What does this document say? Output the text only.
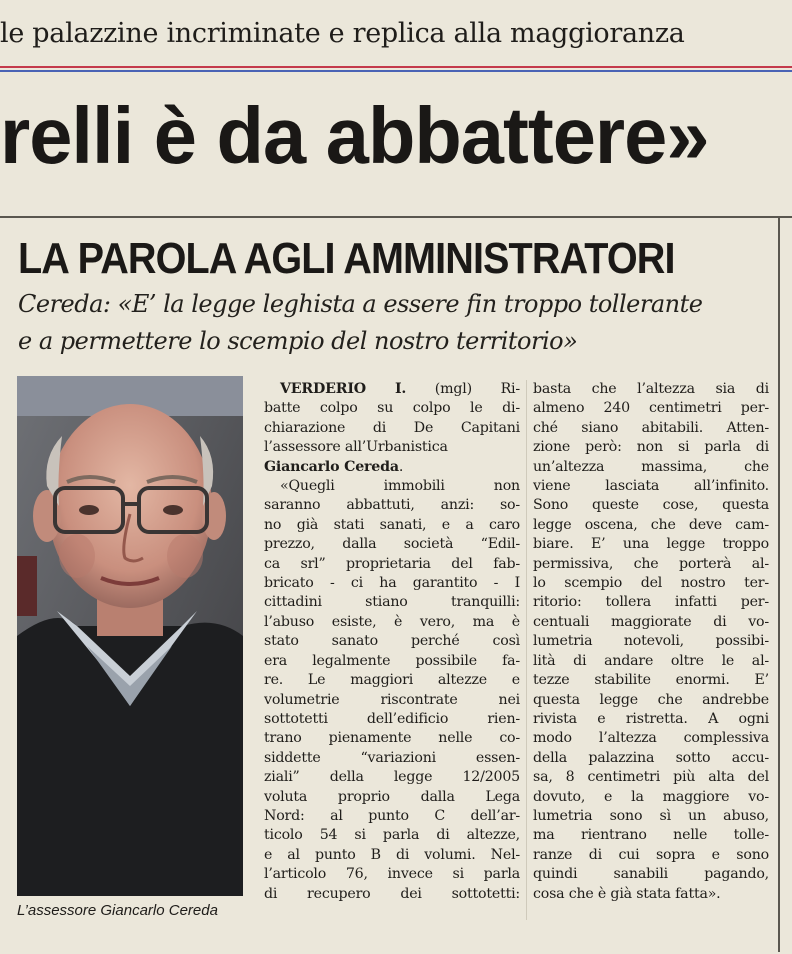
le palazzine incriminate e replica alla maggioranza
relli è da abbattere»
LA PAROLA AGLI AMMINISTRATORI
Cereda: «E’ la legge leghista a essere fin troppo tollerante
e a permettere lo scempio del nostro territorio»
L’assessore Giancarlo Cereda
VERDERIO I. (mgl) Ri-
batte colpo su colpo le di-
chiarazione di De Capitani
l’assessore all’Urbanistica
Giancarlo Cereda.
«Quegli immobili non
saranno abbattuti, anzi: so-
no già stati sanati, e a caro
prezzo, dalla società “Edil-
ca srl” proprietaria del fab-
bricato - ci ha garantito - I
cittadini stiano tranquilli:
l’abuso esiste, è vero, ma è
stato sanato perché così
era legalmente possibile fa-
re. Le maggiori altezze e
volumetrie riscontrate nei
sottotetti dell’edificio rien-
trano pienamente nelle co-
siddette “variazioni essen-
ziali” della legge 12/2005
voluta proprio dalla Lega
Nord: al punto C dell’ar-
ticolo 54 si parla di altezze,
e al punto B di volumi. Nel-
l’articolo 76, invece si parla
di recupero dei sottotetti:
basta che l’altezza sia di
almeno 240 centimetri per-
ché siano abitabili. Atten-
zione però: non si parla di
un’altezza massima, che
viene lasciata all’infinito.
Sono queste cose, questa
legge oscena, che deve cam-
biare. E’ una legge troppo
permissiva, che porterà al-
lo scempio del nostro ter-
ritorio: tollera infatti per-
centuali maggiorate di vo-
lumetria notevoli, possibi-
lità di andare oltre le al-
tezze stabilite enormi. E’
questa legge che andrebbe
rivista e ristretta. A ogni
modo l’altezza complessiva
della palazzina sotto accu-
sa, 8 centimetri più alta del
dovuto, e la maggiore vo-
lumetria sono sì un abuso,
ma rientrano nelle tolle-
ranze di cui sopra e sono
quindi sanabili pagando,
cosa che è già stata fatta».
